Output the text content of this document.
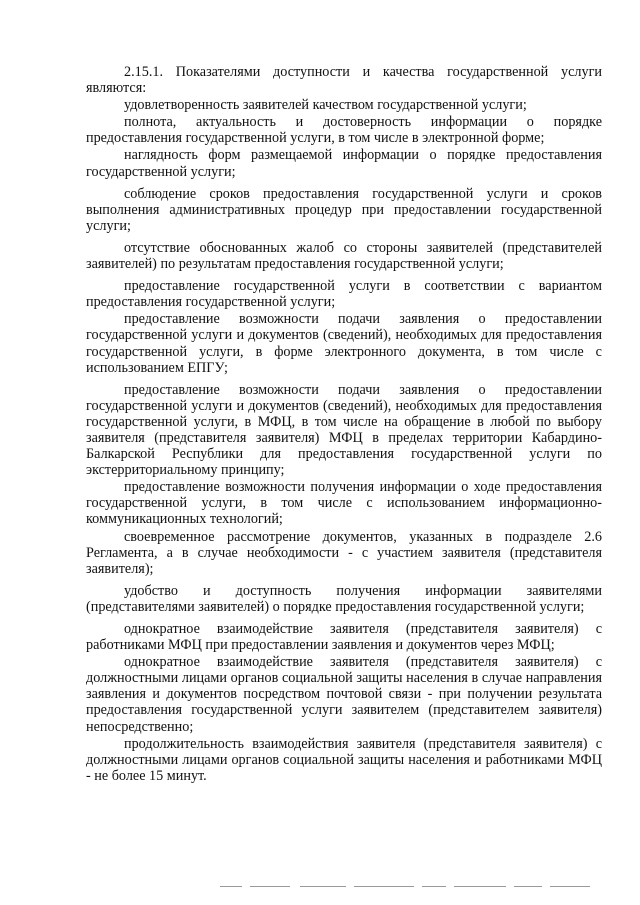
2.15.1. Показателями доступности и качества государственной услуги являются:

удовлетворенность заявителей качеством государственной услуги;

полнота, актуальность и достоверность информации о порядке предоставления государственной услуги, в том числе в электронной форме;

наглядность форм размещаемой информации о порядке предоставления государственной услуги;

соблюдение сроков предоставления государственной услуги и сроков выполнения административных процедур при предоставлении государственной услуги;

отсутствие обоснованных жалоб со стороны заявителей (представителей заявителей) по результатам предоставления государственной услуги;

предоставление государственной услуги в соответствии с вариантом предоставления государственной услуги;

предоставление возможности подачи заявления о предоставлении государственной услуги и документов (сведений), необходимых для предоставления государственной услуги, в форме электронного документа, в том числе с использованием ЕПГУ;

предоставление возможности подачи заявления о предоставлении государственной услуги и документов (сведений), необходимых для предоставления государственной услуги, в МФЦ, в том числе на обращение в любой по выбору заявителя (представителя заявителя) МФЦ в пределах территории Кабардино-Балкарской Республики для предоставления государственной услуги по экстерриториальному принципу;

предоставление возможности получения информации о ходе предоставления государственной услуги, в том числе с использованием информационно-коммуникационных технологий;

своевременное рассмотрение документов, указанных в подразделе 2.6 Регламента, а в случае необходимости - с участием заявителя (представителя заявителя);

удобство и доступность получения информации заявителями (представителями заявителей) о порядке предоставления государственной услуги;

однократное взаимодействие заявителя (представителя заявителя) с работниками МФЦ при предоставлении заявления и документов через МФЦ;

однократное взаимодействие заявителя (представителя заявителя) с должностными лицами органов социальной защиты населения в случае направления заявления и документов посредством почтовой связи - при получении результата предоставления государственной услуги заявителем (представителем заявителя) непосредственно;

продолжительность взаимодействия заявителя (представителя заявителя) с должностными лицами органов социальной защиты населения и работниками МФЦ - не более 15 минут.
